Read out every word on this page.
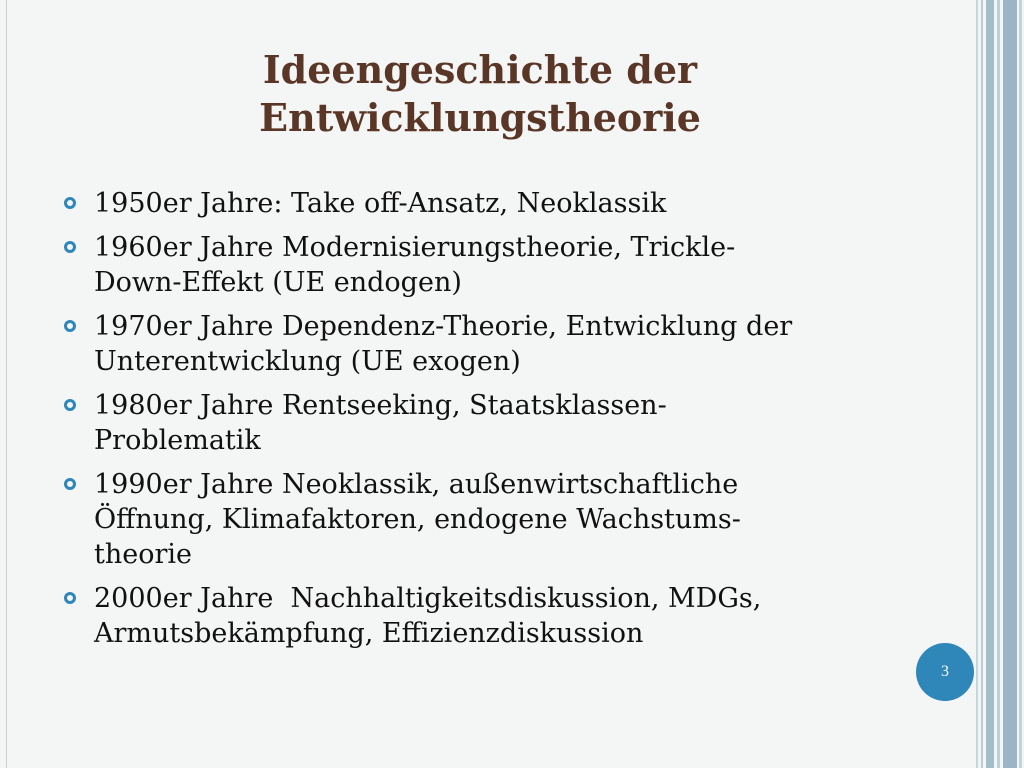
Ideengeschichte der
Entwicklungstheorie
1950er Jahre: Take off-Ansatz, Neoklassik
1960er Jahre Modernisierungstheorie, Trickle-
Down-Effekt (UE endogen)
1970er Jahre Dependenz-Theorie, Entwicklung der
Unterentwicklung (UE exogen)
1980er Jahre Rentseeking, Staatsklassen-
Problematik
1990er Jahre Neoklassik, außenwirtschaftliche
Öffnung, Klimafaktoren, endogene Wachstums-
theorie
2000er Jahre  Nachhaltigkeitsdiskussion, MDGs,
Armutsbekämpfung, Effizienzdiskussion
3
